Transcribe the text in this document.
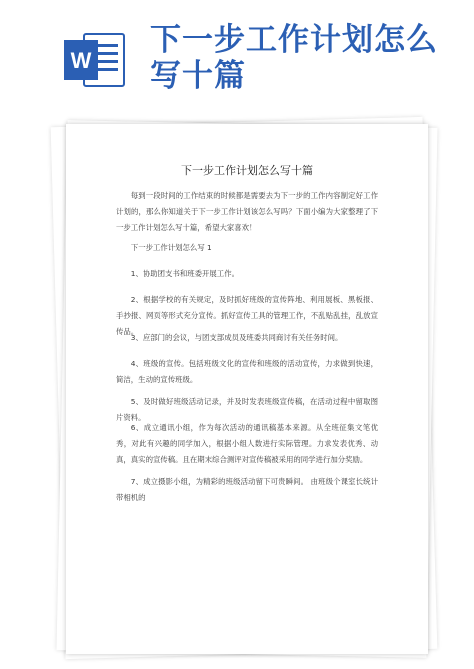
W
下一步工作计划怎么写十篇
下一步工作计划怎么写十篇

每到一段时间的工作结束的时候都是需要去为下一步的工作内容制定好工作计划的，那么你知道关于下一步工作计划该怎么写吗？下面小编为大家整理了下一步工作计划怎么写十篇，希望大家喜欢！

下一步工作计划怎么写 1

1、协助团支书和班委开展工作。

2、根据学校的有关规定，及时抓好班级的宣传阵地、利用展板、黑板报、手抄报、网页等形式充分宣传。抓好宣传工具的管理工作，不乱贴乱挂，乱放宣传品。

3、应部门的会议，与团支部成员及班委共同商讨有关任务时间。

4、班级的宣传。包括班级文化的宣传和班级的活动宣传，力求做到快速，简洁，生动的宣传班级。

5、及时做好班级活动记录，并及时发表班级宣传稿，在活动过程中留取图片资料。

6、成立通讯小组，作为每次活动的通讯稿基本来源。从全班征集文笔优秀，对此有兴趣的同学加入，根据小组人数进行实际管理。力求发表优秀、动真，真实的宣传稿。且在期末综合测评对宣传稿被采用的同学进行加分奖励。

7、成立摄影小组，为精彩的班级活动留下可贵瞬间。 由班级个课室长统计带相机的
